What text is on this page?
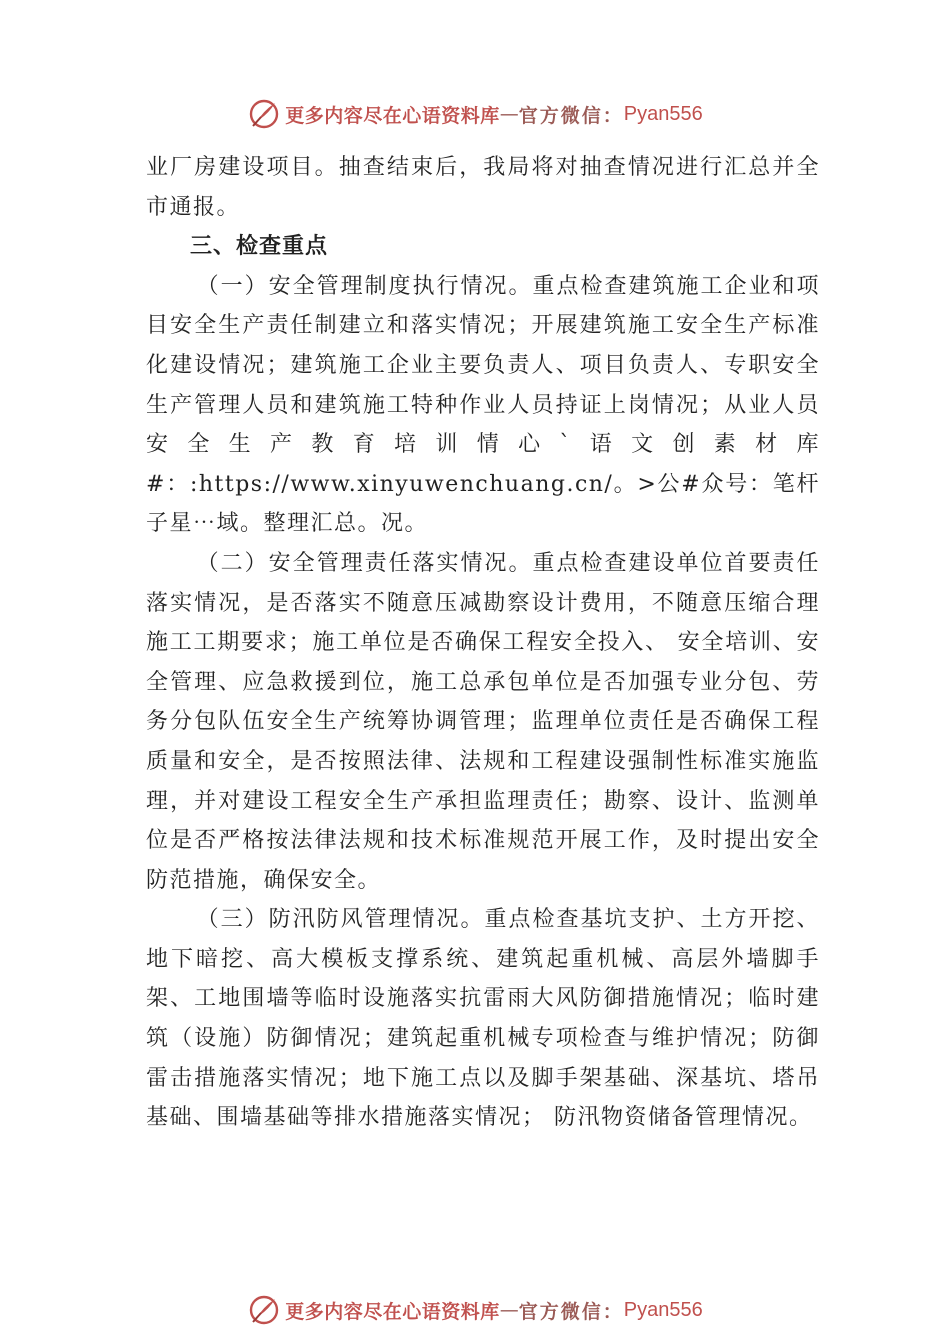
更多内容尽在心语资料库 — 官方微信： Pyan556

业厂房建设项目。抽查结束后，我局将对抽查情况进行汇总并全市通报。

三、检查重点

（一）安全管理制度执行情况。重点检查建筑施工企业和项目安全生产责任制建立和落实情况；开展建筑施工安全生产标准化建设情况；建筑施工企业主要负责人、项目负责人、专职安全生产管理人员和建筑施工特种作业人员持证上岗情况；从业人员安全生产教育培训情心`语文创素材库#：:https://www.xinyuwenchuang.cn/。>公#众号：笔杆子星⋯域。整理汇总。况。

（二）安全管理责任落实情况。重点检查建设单位首要责任落实情况，是否落实不随意压减勘察设计费用，不随意压缩合理施工工期要求；施工单位是否确保工程安全投入、 安全培训、安全管理、应急救援到位，施工总承包单位是否加强专业分包、劳务分包队伍安全生产统筹协调管理；监理单位责任是否确保工程质量和安全，是否按照法律、法规和工程建设强制性标准实施监理，并对建设工程安全生产承担监理责任；勘察、设计、监测单位是否严格按法律法规和技术标准规范开展工作，及时提出安全防范措施，确保安全。

（三）防汛防风管理情况。重点检查基坑支护、土方开挖、地下暗挖、高大模板支撑系统、建筑起重机械、高层外墙脚手架、工地围墙等临时设施落实抗雷雨大风防御措施情况；临时建筑（设施）防御情况；建筑起重机械专项检查与维护情况；防御雷击措施落实情况；地下施工点以及脚手架基础、深基坑、塔吊基础、围墙基础等排水措施落实情况； 防汛物资储备管理情况。

更多内容尽在心语资料库 — 官方微信： Pyan556
